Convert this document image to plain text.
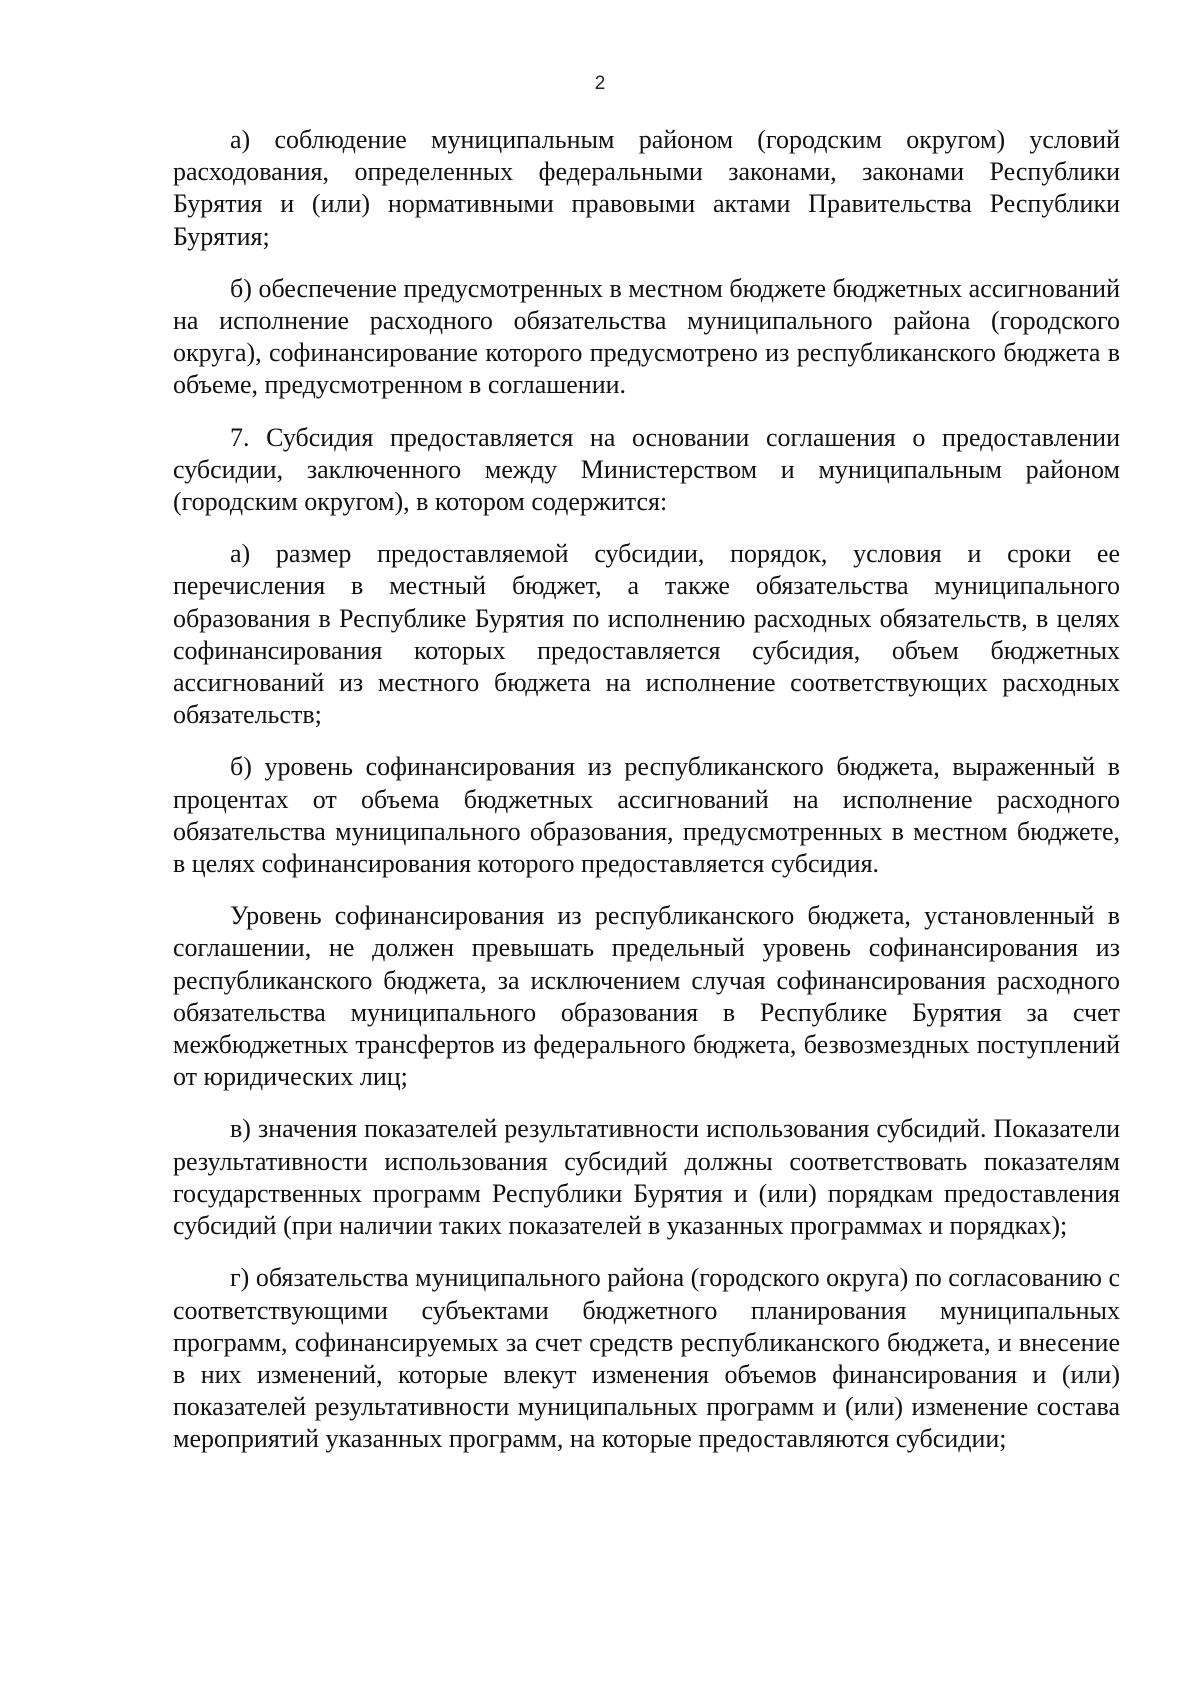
2

а) соблюдение муниципальным районом (городским округом) условий расходования, определенных федеральными законами, законами Республики Бурятия и (или) нормативными правовыми актами Правительства Республики Бурятия;

б) обеспечение предусмотренных в местном бюджете бюджетных ассигнований на исполнение расходного обязательства муниципального района (городского округа), софинансирование которого предусмотрено из республиканского бюджета в объеме, предусмотренном в соглашении.

7. Субсидия предоставляется на основании соглашения о предоставлении субсидии, заключенного между Министерством и муниципальным районом (городским округом), в котором содержится:

а) размер предоставляемой субсидии, порядок, условия и сроки ее перечисления в местный бюджет, а также обязательства муниципального образования в Республике Бурятия по исполнению расходных обязательств, в целях софинансирования которых предоставляется субсидия, объем бюджетных ассигнований из местного бюджета на исполнение соответствующих расходных обязательств;

б) уровень софинансирования из республиканского бюджета, выраженный в процентах от объема бюджетных ассигнований на исполнение расходного обязательства муниципального образования, предусмотренных в местном бюджете, в целях софинансирования которого предоставляется субсидия.

Уровень софинансирования из республиканского бюджета, установленный в соглашении, не должен превышать предельный уровень софинансирования из республиканского бюджета, за исключением случая софинансирования расходного обязательства муниципального образования в Республике Бурятия за счет межбюджетных трансфертов из федерального бюджета, безвозмездных поступлений от юридических лиц;

в) значения показателей результативности использования субсидий. Показатели результативности использования субсидий должны соответствовать показателям государственных программ Республики Бурятия и (или) порядкам предоставления субсидий (при наличии таких показателей в указанных программах и порядках);

г) обязательства муниципального района (городского округа) по согласованию с соответствующими субъектами бюджетного планирования муниципальных программ, софинансируемых за счет средств республиканского бюджета, и внесение в них изменений, которые влекут изменения объемов финансирования и (или) показателей результативности муниципальных программ и (или) изменение состава мероприятий указанных программ, на которые предоставляются субсидии;
